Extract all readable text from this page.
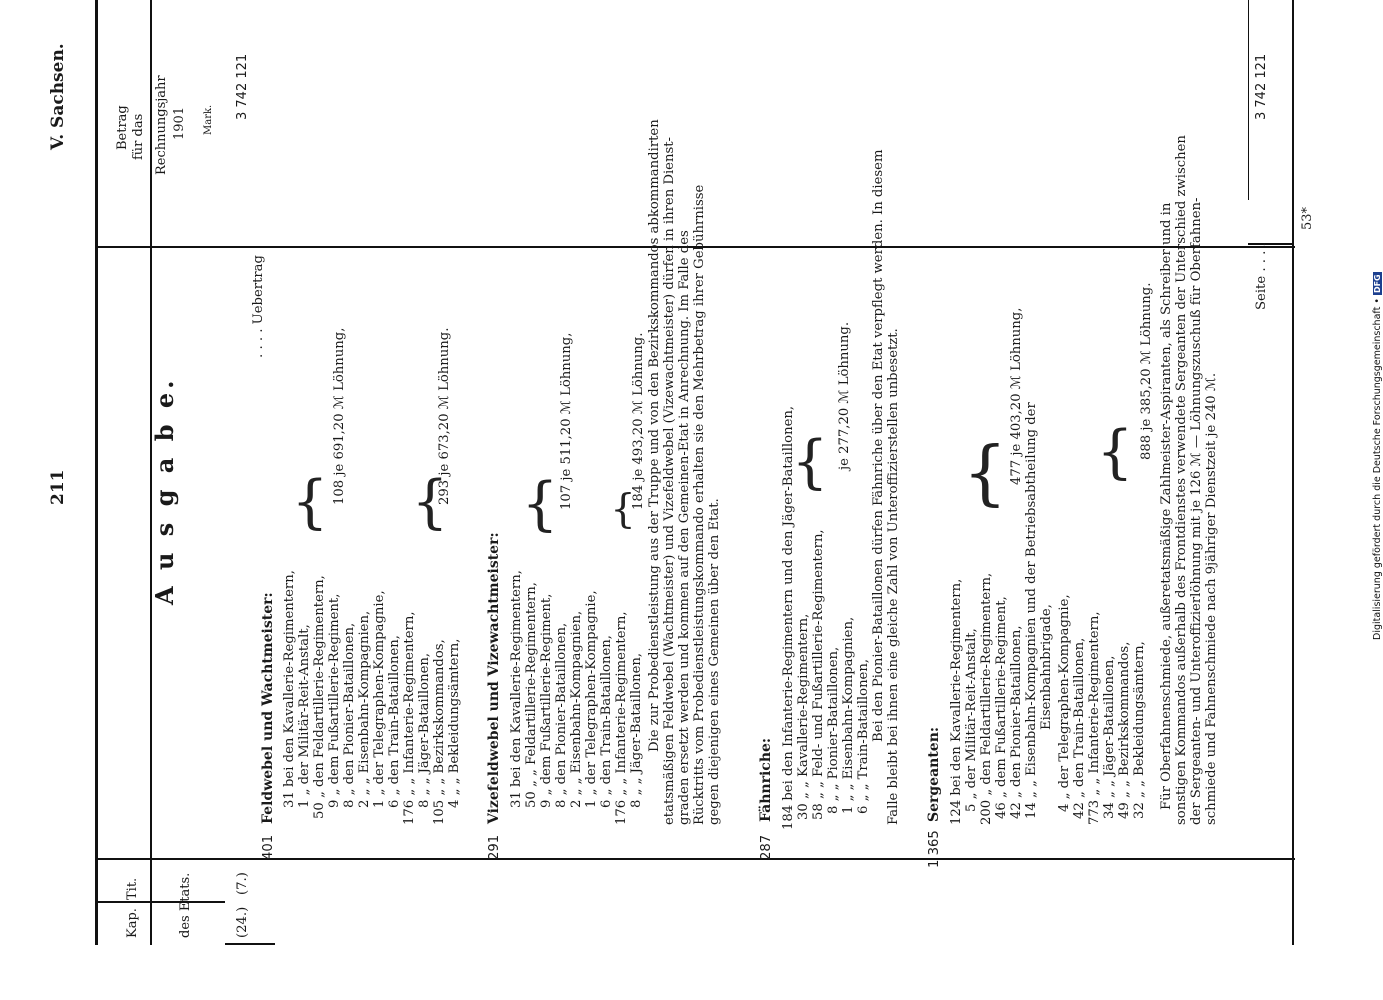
211
V. Sachsen.
53*
Kap.
Tit.	des Etats.
A u s g a b e.
Betrag für das Rechnungsjahr 1901 Mark.
(24.)
(7.)
Uebertrag . . . .
3 742 121
401
Feldwebel und Wachtmeister: 31 bei den Kavallerie-Regimentern, 1 „ der Militär-Reit-Anstalt, 50 „ den Feldartillerie-Regimentern, 9 „ dem Fußartillerie-Regiment, 8 „ den Pionier-Bataillonen, 2 „ „ Eisenbahn-Kompagnien, 1 „ der Telegraphen-Kompagnie, 6 „ den Train-Bataillonen, 176 „ „ Infanterie-Regimentern, 8 „ „ Jäger-Bataillonen, 105 „ „ Bezirkskommandos, 4 „ „ Bekleidungsämtern,
108 je 691,20 ℳ Löhnung,	293 je 673,20 ℳ Löhnung.
291
Vizefeldwebel und Vizewachtmeister: 31 bei den Kavallerie-Regimentern, 50 „ „ Feldartillerie-Regimentern, 9 „ dem Fußartillerie-Regiment, 8 „ den Pionier-Bataillonen, 2 „ „ Eisenbahn-Kompagnien, 1 „ der Telegraphen-Kompagnie, 6 „ den Train-Bataillonen, 176 „ „ Infanterie-Regimentern, 8 „ „ Jäger-Bataillonen,
107 je 511,20 ℳ Löhnung,	184 je 493,20 ℳ Löhnung. Die zur Probedienstleistung aus der Truppe und von den Bezirkskommandos abkommandirten etatsmäßigen Feldwebel (Wachtmeister) und Vizefeldwebel (Vizewachtmeister) dürfen in ihren Dienst- graden ersetzt werden und kommen auf den Gemeinen-Etat in Anrechnung. Im Falle des Rücktritts vom Probedienstleistungskommando erhalten sie den Mehrbetrag ihrer Gebührnisse gegen diejenigen eines Gemeinen über den Etat.
287
Fähnriche: 184 bei den Infanterie-Regimentern und den Jäger-Bataillonen, 30 „ „ Kavallerie-Regimentern, 58 „ „ Feld- und Fußartillerie-Regimentern, 8 „ „ Pionier-Bataillonen, 1 „ „ Eisenbahn-Kompagnien, 6 „ „ Train-Bataillonen,
je 277,20 ℳ Löhnung. Bei den Pionier-Bataillonen dürfen Fähnriche über den Etat verpflegt werden. In diesem Falle bleibt bei ihnen eine gleiche Zahl von Unteroffizierstellen unbesetzt.
1 365
Sergeanten: 124 bei den Kavallerie-Regimentern, 5 „ der Militär-Reit-Anstalt, 200 „ den Feldartillerie-Regimentern, 46 „ dem Fußartillerie-Regiment, 42 „ den Pionier-Bataillonen, 14 „ „ Eisenbahn-Kompagnien und der Betriebsabtheilung der Eisenbahnbrigade, 4 „ der Telegraphen-Kompagnie, 42 „ den Train-Bataillonen, 773 „ „ Infanterie-Regimentern, 34 „ „ Jäger-Bataillonen, 49 „ „ Bezirkskommandos, 32 „ „ Bekleidungsämtern,
477 je 403,20 ℳ Löhnung,	888 je 385,20 ℳ Löhnung. Für Oberfahnenschmiede, außeretatsmäßige Zahlmeister-Aspiranten, als Schreiber und in sonstigen Kommandos außerhalb des Frontdienstes verwendete Sergeanten der Unterschied zwischen der Sergeanten- und Unteroffizierlöhnung mit je 126 ℳ — Löhnungszuschuß für Oberfahnen- schmiede und Fahnenschmiede nach 9jähriger Dienstzeit je 240 ℳ.
{ { { {
{ { {
Seite . . . .
3 742 121
Digitalisierung gefördert durch die Deutsche Forschungsgemeinschaft • DFG
